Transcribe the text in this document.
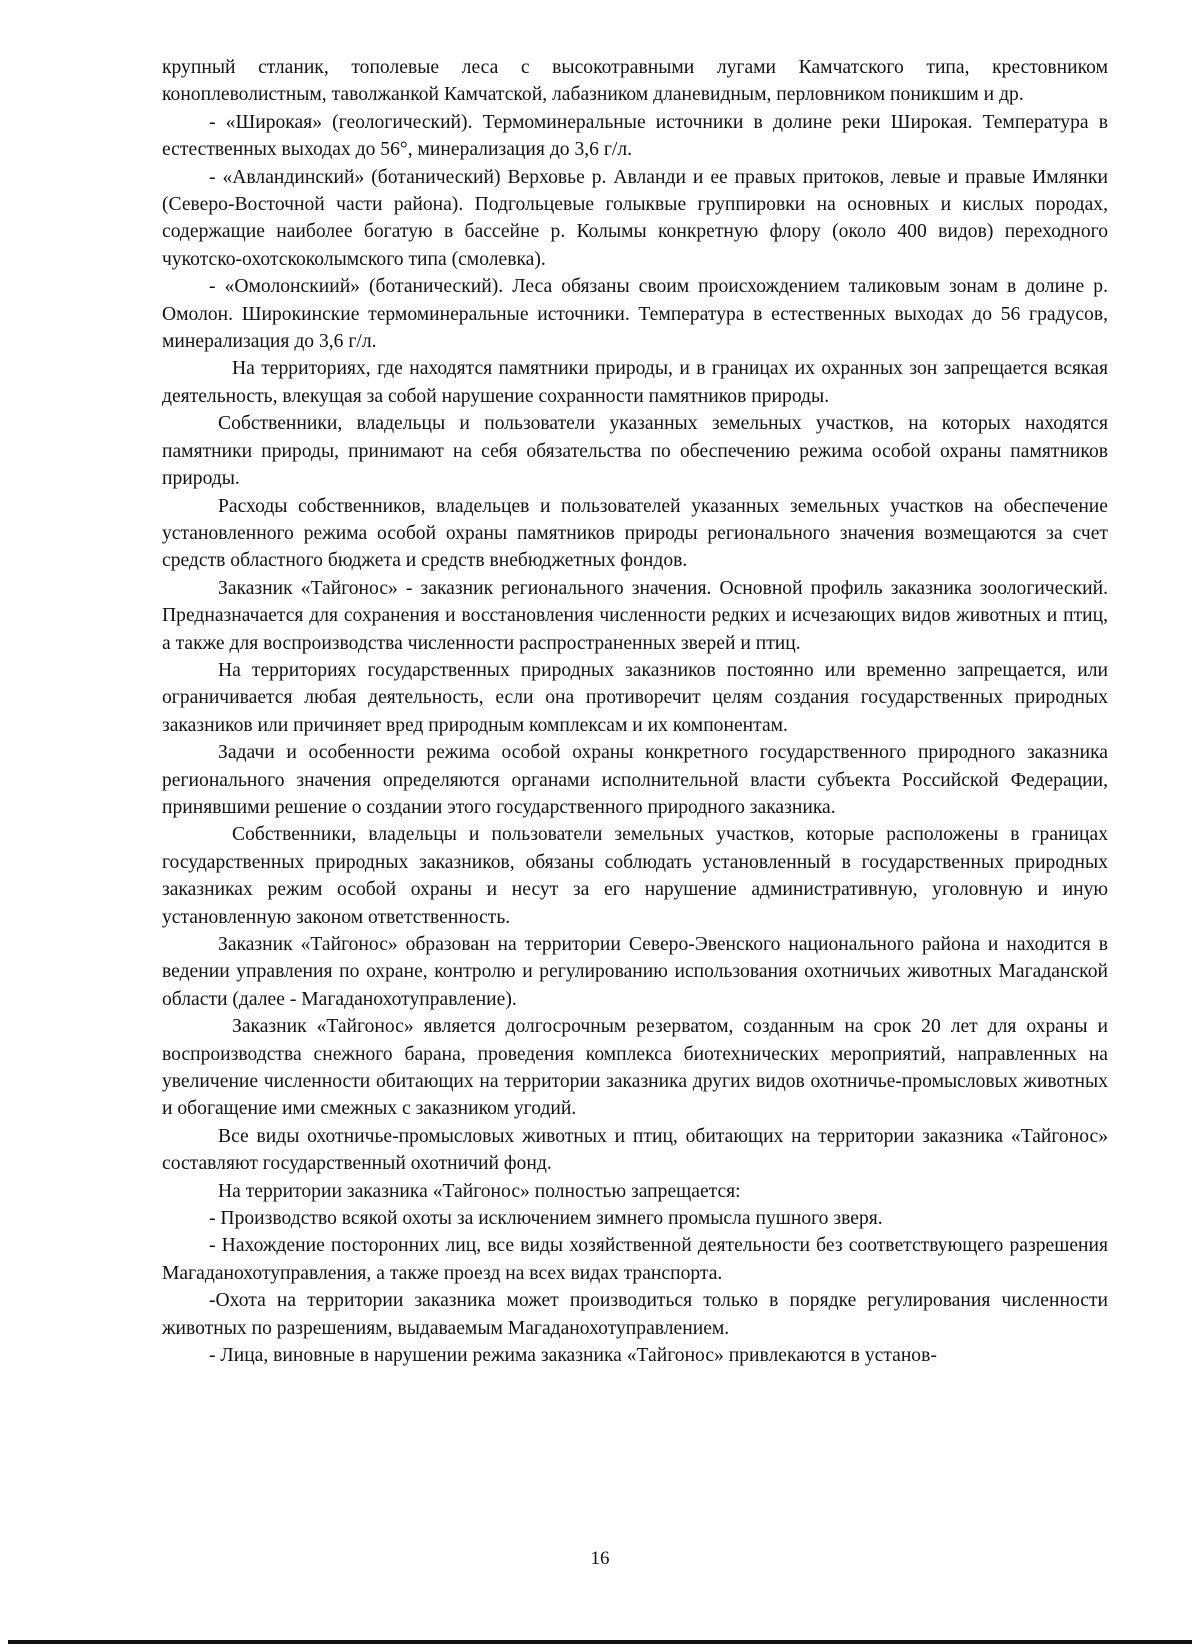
крупный стланик, тополевые леса с высокотравными лугами Камчатского типа, крестовником коноплеволистным, таволжанкой Камчатской, лабазником дланевидным, перловником поникшим и др.

- «Широкая» (геологический). Термоминеральные источники в долине реки Широкая. Температура в естественных выходах до 56°, минерализация до 3,6 г/л.

- «Авландинский» (ботанический) Верховье р. Авланди и ее правых притоков, левые и правые Имлянки (Северо-Восточной части района). Подгольцевые голыквые группировки на основных и кислых породах, содержащие наиболее богатую в бассейне р. Колымы конкретную флору (около 400 видов) переходного чукотско-охотскоколымского типа (смолевка).

- «Омолонскиий» (ботанический). Леса обязаны своим происхождением таликовым зонам в долине р. Омолон. Широкинские термоминеральные источники. Температура в естественных выходах до 56 градусов, минерализация до 3,6 г/л.

На территориях, где находятся памятники природы, и в границах их охранных зон запрещается всякая деятельность, влекущая за собой нарушение сохранности памятников природы.

Собственники, владельцы и пользователи указанных земельных участков, на которых находятся памятники природы, принимают на себя обязательства по обеспечению режима особой охраны памятников природы.

Расходы собственников, владельцев и пользователей указанных земельных участков на обеспечение установленного режима особой охраны памятников природы регионального значения возмещаются за счет средств областного бюджета и средств внебюджетных фондов.

Заказник «Тайгонос» - заказник регионального значения. Основной профиль заказника зоологический. Предназначается для сохранения и восстановления численности редких и исчезающих видов животных и птиц, а также для воспроизводства численности распространенных зверей и птиц.

На территориях государственных природных заказников постоянно или временно запрещается, или ограничивается любая деятельность, если она противоречит целям создания государственных природных заказников или причиняет вред природным комплексам и их компонентам.

Задачи и особенности режима особой охраны конкретного государственного природного заказника регионального значения определяются органами исполнительной власти субъекта Российской Федерации, принявшими решение о создании этого государственного природного заказника.

Собственники, владельцы и пользователи земельных участков, которые расположены в границах государственных природных заказников, обязаны соблюдать установленный в государственных природных заказниках режим особой охраны и несут за его нарушение административную, уголовную и иную установленную законом ответственность.

Заказник «Тайгонос» образован на территории Северо-Эвенского национального района и находится в ведении управления по охране, контролю и регулированию использования охотничьих животных Магаданской области (далее - Магаданохотуправление).

Заказник «Тайгонос» является долгосрочным резерватом, созданным на срок 20 лет для охраны и воспроизводства снежного барана, проведения комплекса биотехнических мероприятий, направленных на увеличение численности обитающих на территории заказника других видов охотничье-промысловых животных и обогащение ими смежных с заказником угодий.

Все виды охотничье-промысловых животных и птиц, обитающих на территории заказника «Тайгонос» составляют государственный охотничий фонд.

На территории заказника «Тайгонос» полностью запрещается:

- Производство всякой охоты за исключением зимнего промысла пушного зверя.

- Нахождение посторонних лиц, все виды хозяйственной деятельности без соответствующего разрешения Магаданохотуправления, а также проезд на всех видах транспорта.

-Охота на территории заказника может производиться только в порядке регулирования численности животных по разрешениям, выдаваемым Магаданохотуправлением.

- Лица, виновные в нарушении режима заказника «Тайгонос» привлекаются в установ-

16
